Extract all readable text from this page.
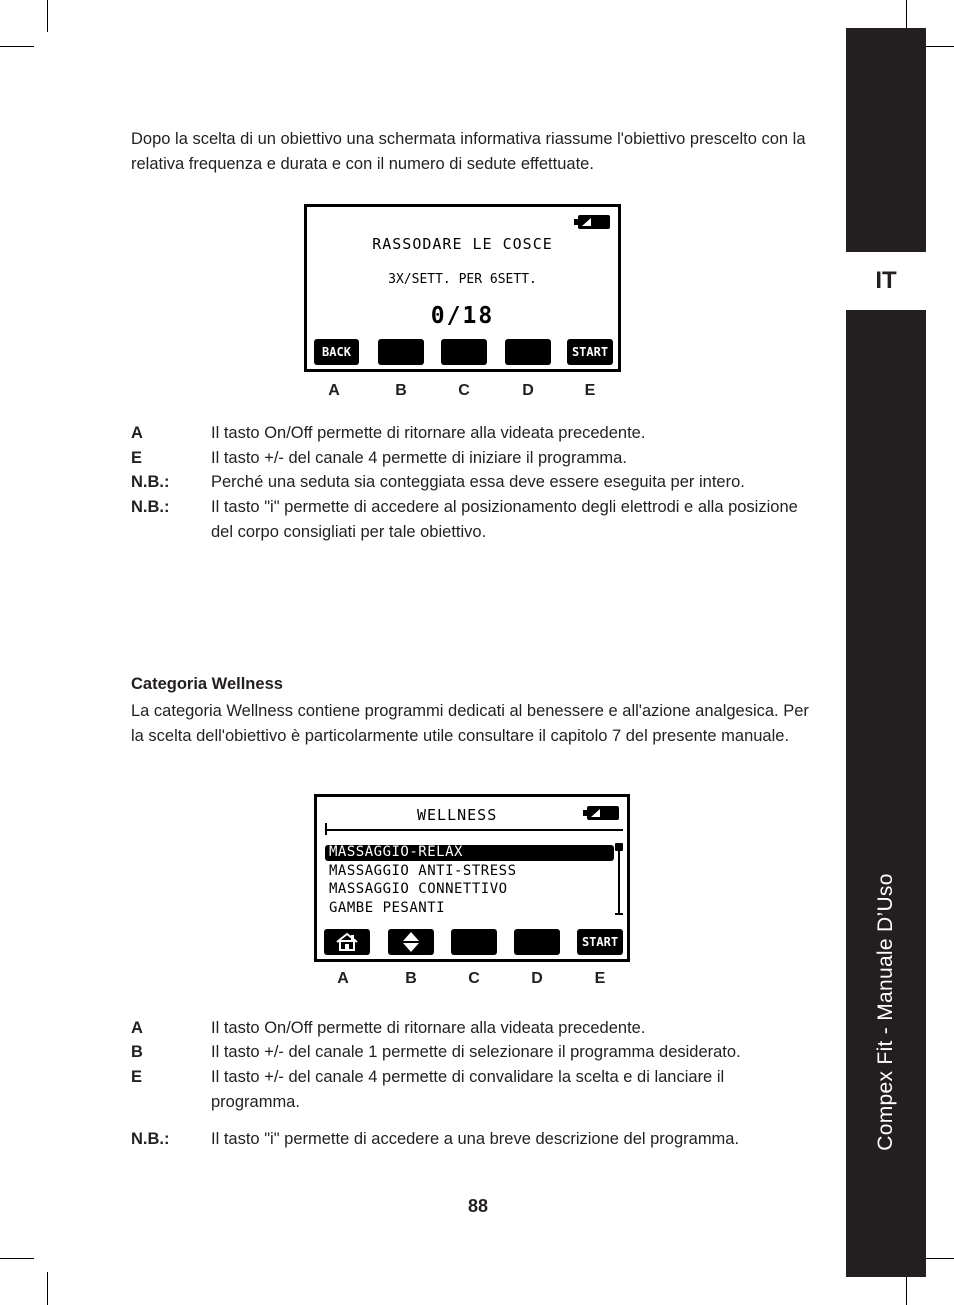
IT
Compex Fit - Manuale D’Uso
Dopo la scelta di un obiettivo una schermata informativa riassume l'obiettivo prescelto con la relativa frequenza e durata e con il numero di sedute effettuate.
RASSODARE LE COSCE
3X/SETT. PER 6SETT.
0/18
BACK	START
A	B	C	D	E
A	Il tasto On/Off permette di ritornare alla videata precedente.
E	Il tasto +/- del canale 4 permette di iniziare il programma.
N.B.:	Perché una seduta sia conteggiata essa deve essere eseguita per intero.
N.B.:	Il tasto "i" permette di accedere al posizionamento degli elettrodi e alla posizione del corpo consigliati per tale obiettivo.
Categoria Wellness
La categoria Wellness contiene programmi dedicati al benessere e all'azione analgesica. Per la scelta dell'obiettivo è particolarmente utile consultare il capitolo 7 del presente manuale.
WELLNESS
MASSAGGIO-RELAX
MASSAGGIO ANTI-STRESS
MASSAGGIO CONNETTIVO
GAMBE PESANTI
START
A	B	C	D	E
A	Il tasto On/Off permette di ritornare alla videata precedente.
B	Il tasto +/- del canale 1 permette di selezionare il programma desiderato.
E	Il tasto +/- del canale 4 permette di convalidare la scelta e di lanciare il programma.
N.B.:	Il tasto "i" permette di accedere a una breve descrizione del programma.
88
